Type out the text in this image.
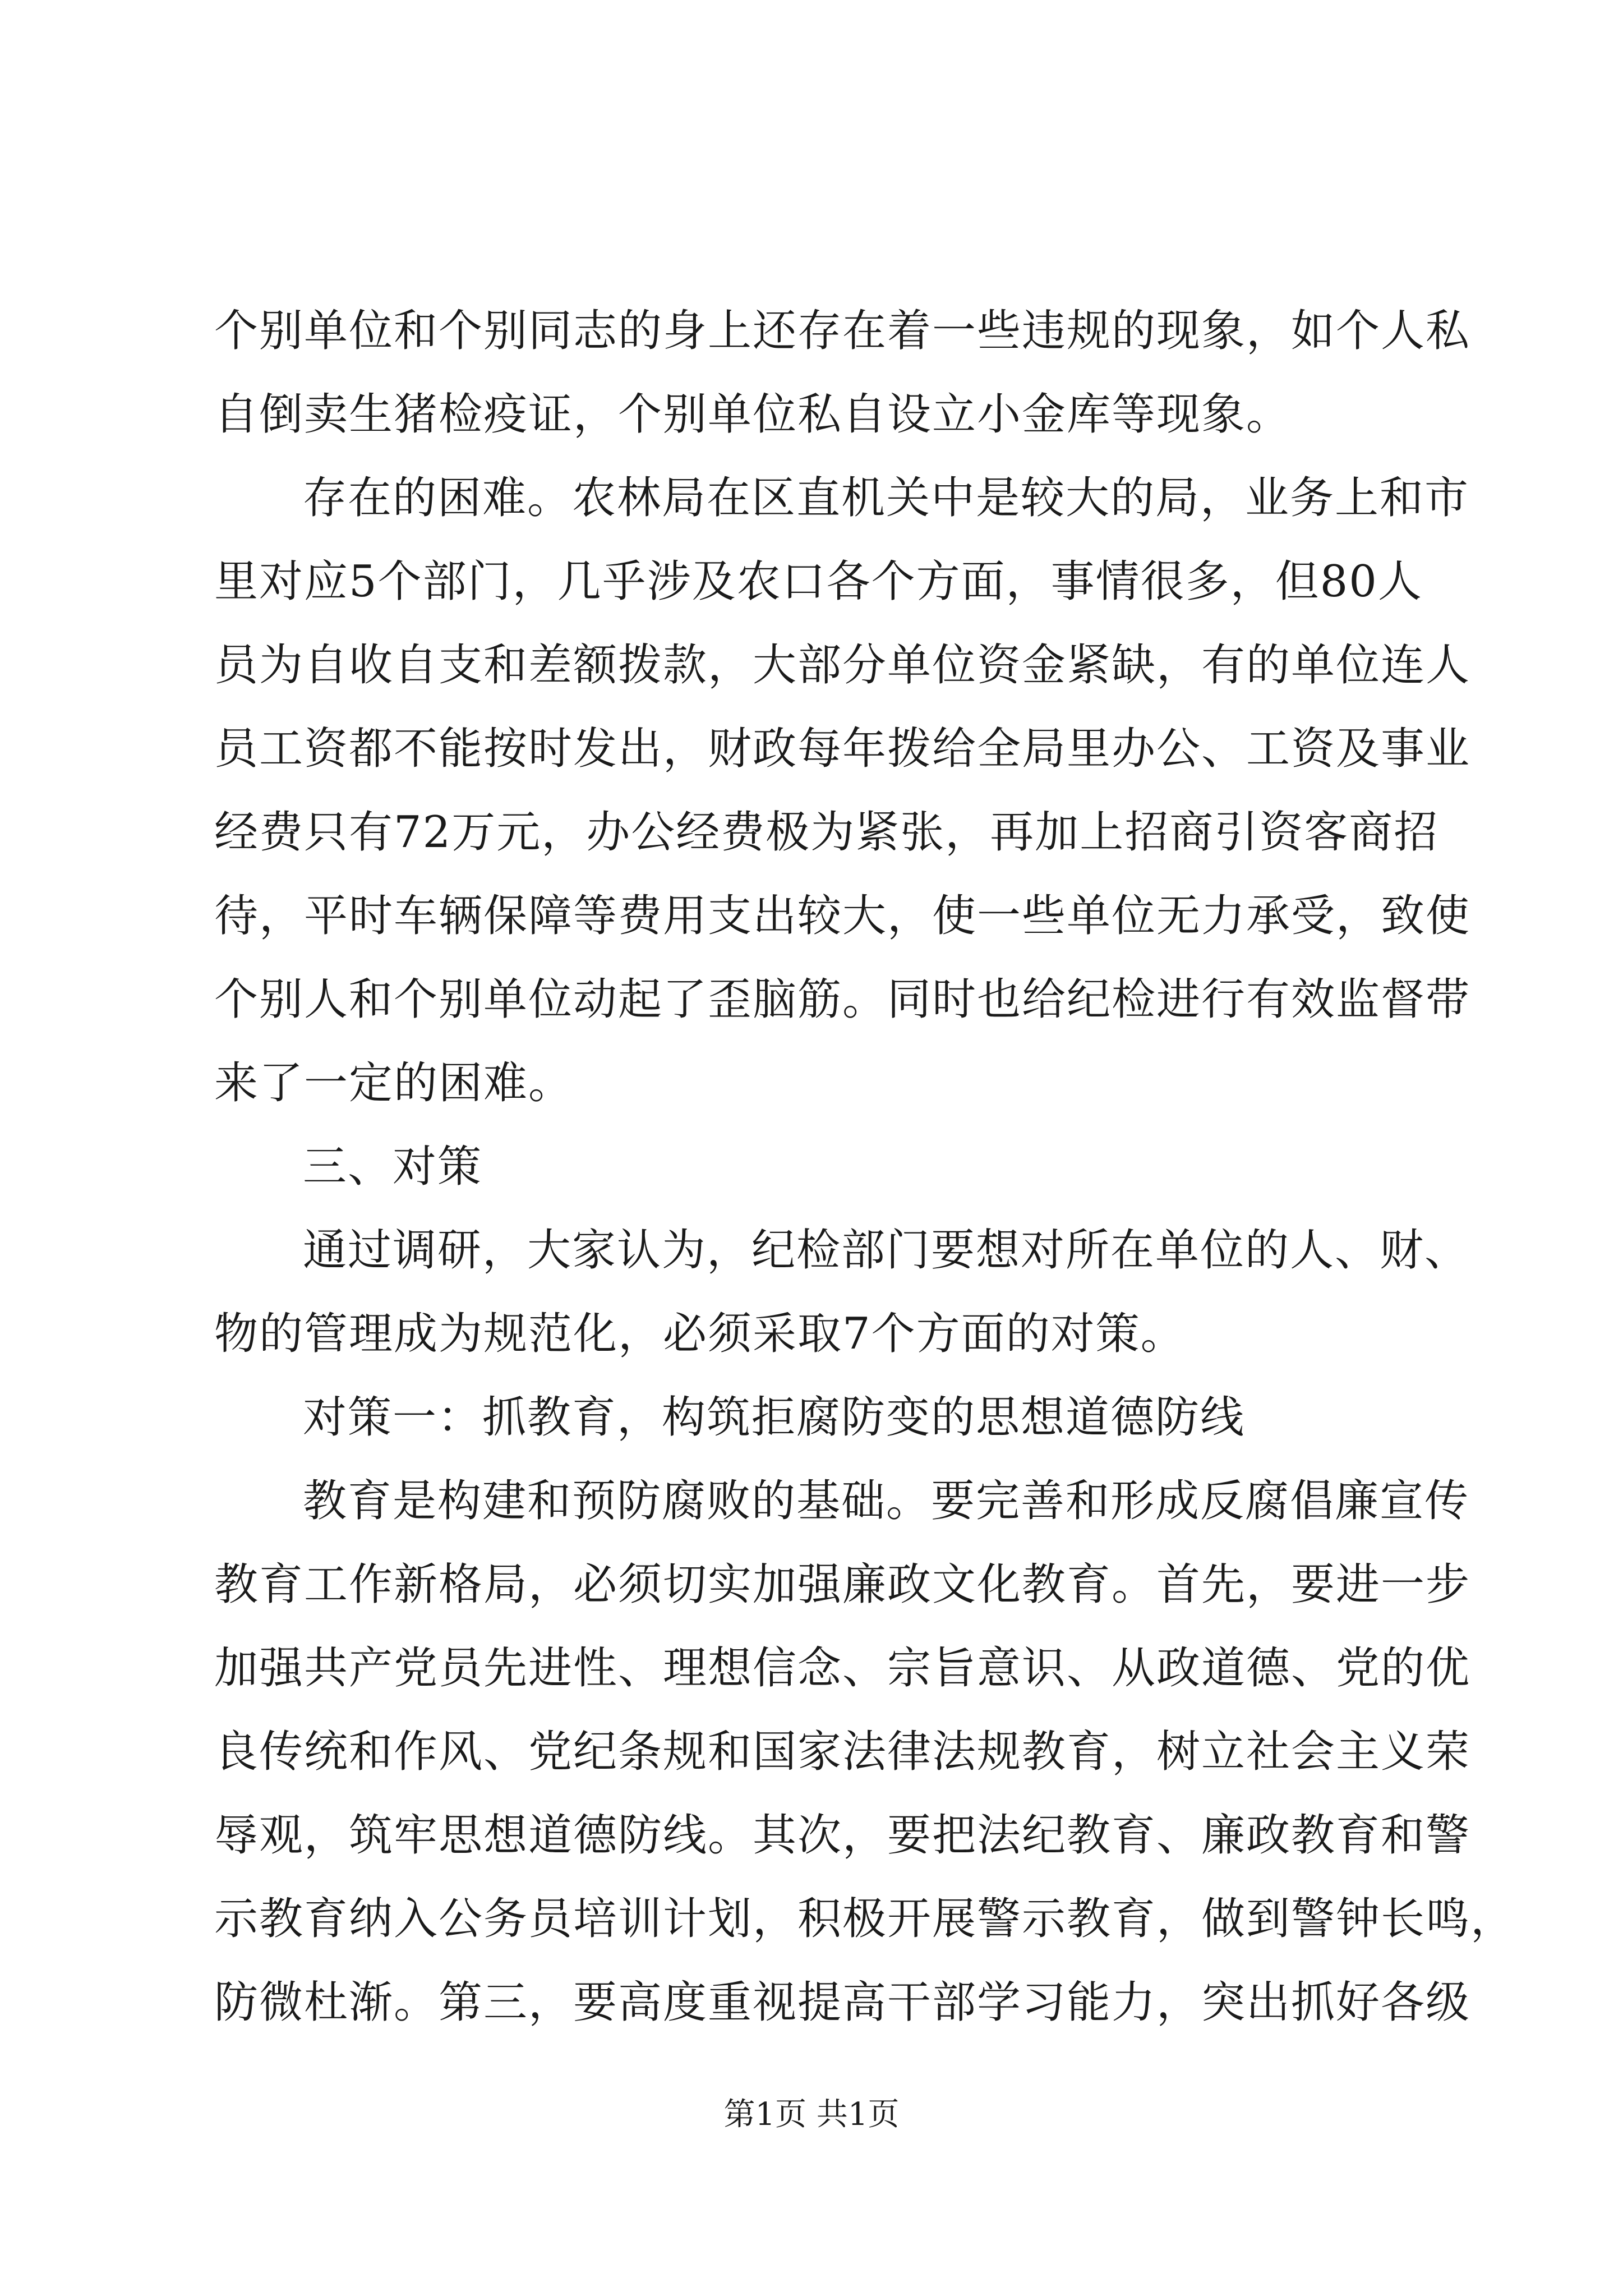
个别单位和个别同志的身上还存在着一些违规的现象，如个人私
自倒卖生猪检疫证，个别单位私自设立小金库等现象。
存在的困难。农林局在区直机关中是较大的局，业务上和市
里对应5个部门，几乎涉及农口各个方面，事情很多，但80人
员为自收自支和差额拨款，大部分单位资金紧缺，有的单位连人
员工资都不能按时发出，财政每年拨给全局里办公、工资及事业
经费只有72万元，办公经费极为紧张，再加上招商引资客商招
待，平时车辆保障等费用支出较大，使一些单位无力承受，致使
个别人和个别单位动起了歪脑筋。同时也给纪检进行有效监督带
来了一定的困难。
三、对策
通过调研，大家认为，纪检部门要想对所在单位的人、财、
物的管理成为规范化，必须采取7个方面的对策。
对策一：抓教育，构筑拒腐防变的思想道德防线
教育是构建和预防腐败的基础。要完善和形成反腐倡廉宣传
教育工作新格局，必须切实加强廉政文化教育。首先，要进一步
加强共产党员先进性、理想信念、宗旨意识、从政道德、党的优
良传统和作风、党纪条规和国家法律法规教育，树立社会主义荣
辱观，筑牢思想道德防线。其次，要把法纪教育、廉政教育和警
示教育纳入公务员培训计划，积极开展警示教育，做到警钟长鸣，
防微杜渐。第三，要高度重视提高干部学习能力，突出抓好各级
第1页 共1页
